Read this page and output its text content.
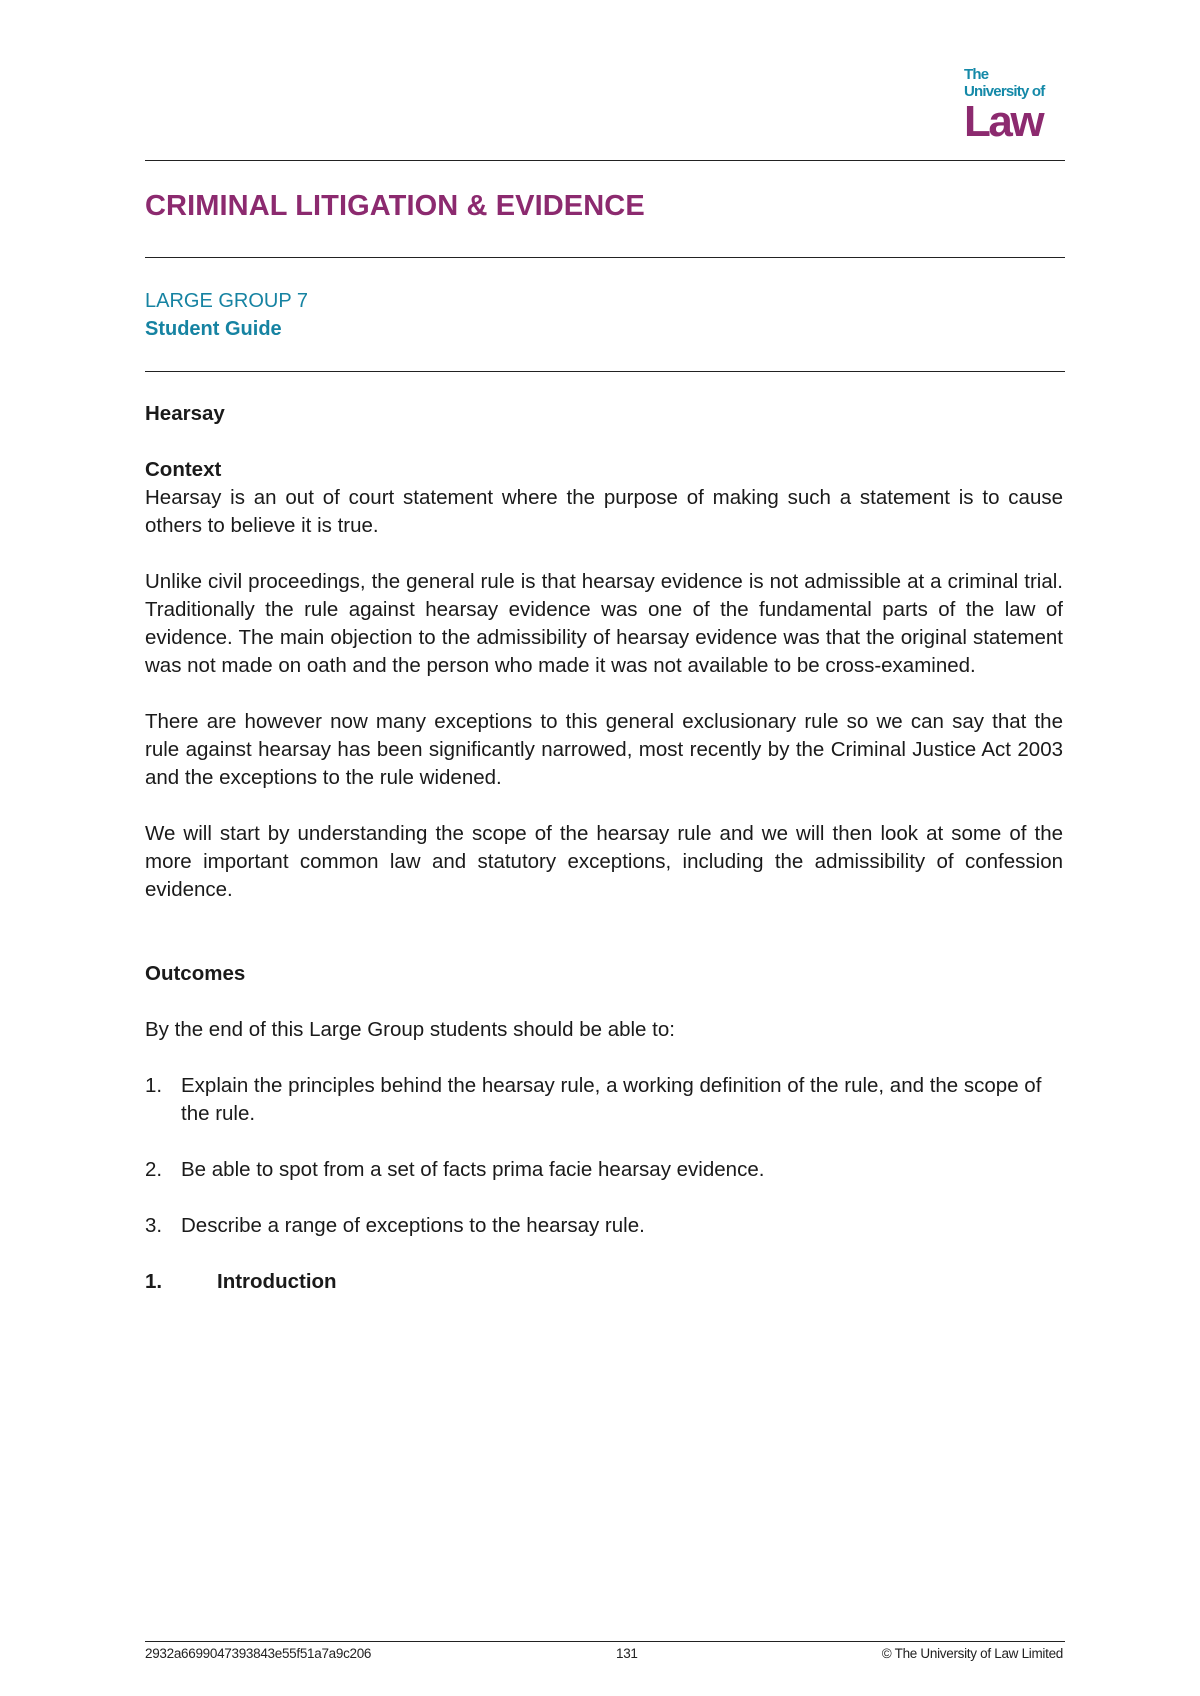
The
University of
Law
CRIMINAL LITIGATION & EVIDENCE
LARGE GROUP 7
Student Guide
Hearsay
Context

Hearsay is an out of court statement where the purpose of making such a statement is to cause others to believe it is true.

Unlike civil proceedings, the general rule is that hearsay evidence is not admissible at a criminal trial. Traditionally the rule against hearsay evidence was one of the fundamental parts of the law of evidence. The main objection to the admissibility of hearsay evidence was that the original statement was not made on oath and the person who made it was not available to be cross-examined.

There are however now many exceptions to this general exclusionary rule so we can say that the rule against hearsay has been significantly narrowed, most recently by the Criminal Justice Act 2003 and the exceptions to the rule widened.

We will start by understanding the scope of the hearsay rule and we will then look at some of the more important common law and statutory exceptions, including the admissibility of confession evidence.

Outcomes

By the end of this Large Group students should be able to:

1. Explain the principles behind the hearsay rule, a working definition of the rule, and the scope of the rule.
2. Be able to spot from a set of facts prima facie hearsay evidence.
3. Describe a range of exceptions to the hearsay rule.
1.	Introduction
2932a6699047393843e55f51a7a9c206	131	© The University of Law Limited
